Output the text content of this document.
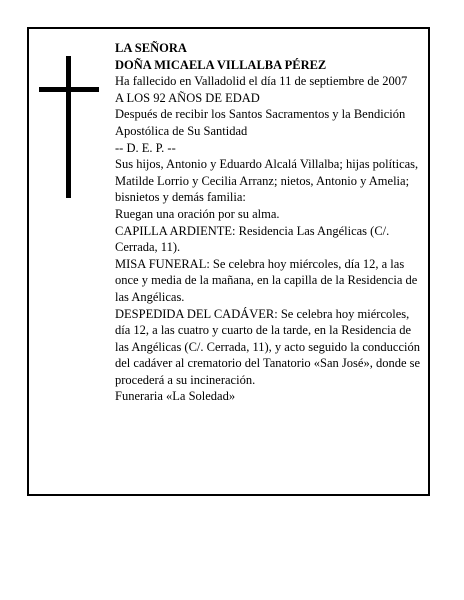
LA SEÑORA

DOÑA MICAELA VILLALBA PÉREZ

Ha fallecido en Valladolid el día 11 de septiembre de 2007

A LOS 92 AÑOS DE EDAD

Después de recibir los Santos Sacramentos y la Bendición Apostólica de Su Santidad

-- D. E. P. --

Sus hijos, Antonio y Eduardo Alcalá Villalba; hijas políticas, Matilde Lorrio y Cecilia Arranz; nietos, Antonio y Amelia; bisnietos y demás familia:

Ruegan una oración por su alma.

CAPILLA ARDIENTE: Residencia Las Angélicas (C/. Cerrada, 11).

MISA FUNERAL: Se celebra hoy miércoles, día 12, a las once y media de la mañana, en la capilla de la Residencia de las Angélicas.

DESPEDIDA DEL CADÁVER: Se celebra hoy miércoles, día 12, a las cuatro y cuarto de la tarde, en la Residencia de las Angélicas (C/. Cerrada, 11), y acto seguido la conducción del cadáver al crematorio del Tanatorio «San José», donde se procederá a su incineración.

Funeraria «La Soledad»
